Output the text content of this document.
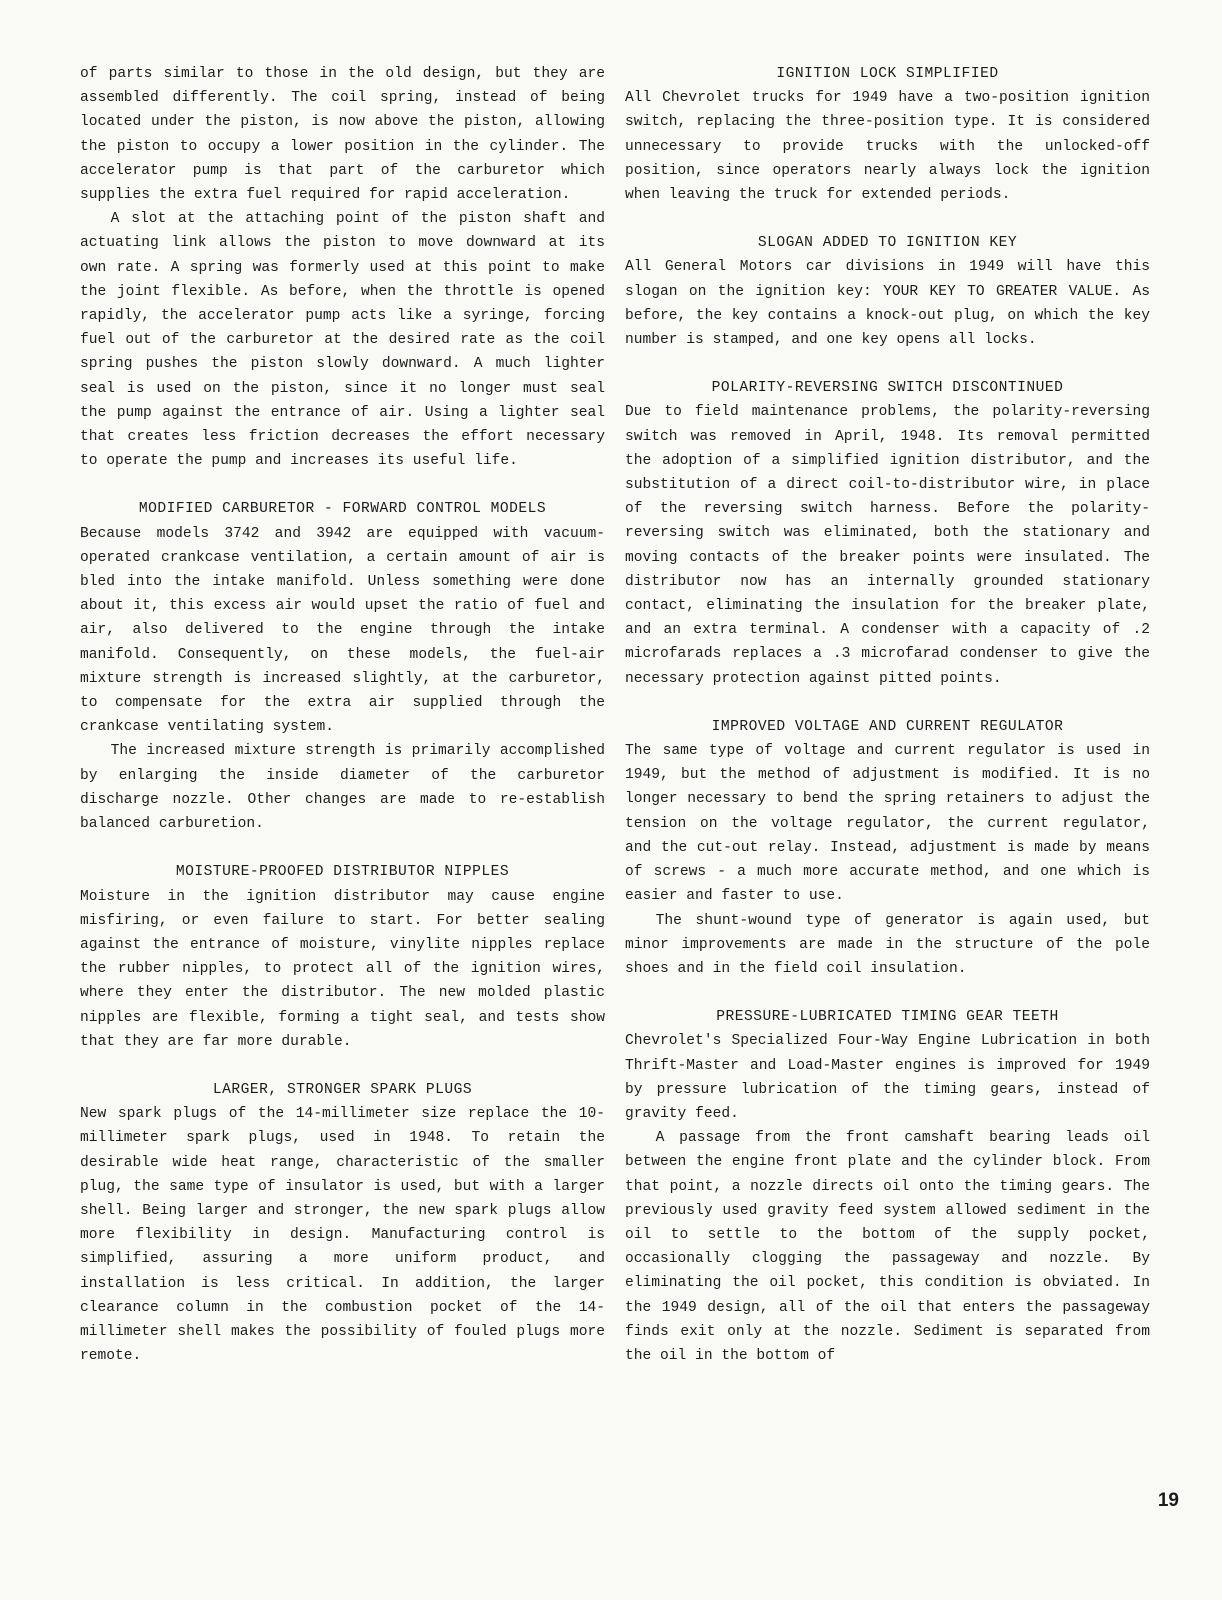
of parts similar to those in the old design, but they are assembled differently. The coil spring, instead of being located under the piston, is now above the piston, allowing the piston to occupy a lower position in the cylinder. The accelerator pump is that part of the carburetor which supplies the extra fuel required for rapid acceleration.

A slot at the attaching point of the piston shaft and actuating link allows the piston to move downward at its own rate. A spring was formerly used at this point to make the joint flexible. As before, when the throttle is opened rapidly, the accelerator pump acts like a syringe, forcing fuel out of the carburetor at the desired rate as the coil spring pushes the piston slowly downward. A much lighter seal is used on the piston, since it no longer must seal the pump against the entrance of air. Using a lighter seal that creates less friction decreases the effort necessary to operate the pump and increases its useful life.

MODIFIED CARBURETOR - FORWARD CONTROL MODELS

Because models 3742 and 3942 are equipped with vacuum-operated crankcase ventilation, a certain amount of air is bled into the intake manifold. Unless something were done about it, this excess air would upset the ratio of fuel and air, also delivered to the engine through the intake manifold. Consequently, on these models, the fuel-air mixture strength is increased slightly, at the carburetor, to compensate for the extra air supplied through the crankcase ventilating system.

The increased mixture strength is primarily accomplished by enlarging the inside diameter of the carburetor discharge nozzle. Other changes are made to re-establish balanced carburetion.

MOISTURE-PROOFED DISTRIBUTOR NIPPLES

Moisture in the ignition distributor may cause engine misfiring, or even failure to start. For better sealing against the entrance of moisture, vinylite nipples replace the rubber nipples, to protect all of the ignition wires, where they enter the distributor. The new molded plastic nipples are flexible, forming a tight seal, and tests show that they are far more durable.

LARGER, STRONGER SPARK PLUGS

New spark plugs of the 14-millimeter size replace the 10-millimeter spark plugs, used in 1948. To retain the desirable wide heat range, characteristic of the smaller plug, the same type of insulator is used, but with a larger shell. Being larger and stronger, the new spark plugs allow more flexibility in design. Manufacturing control is simplified, assuring a more uniform product, and installation is less critical. In addition, the larger clearance column in the combustion pocket of the 14-millimeter shell makes the possibility of fouled plugs more remote.

IGNITION LOCK SIMPLIFIED

All Chevrolet trucks for 1949 have a two-position ignition switch, replacing the three-position type. It is considered unnecessary to provide trucks with the unlocked-off position, since operators nearly always lock the ignition when leaving the truck for extended periods.

SLOGAN ADDED TO IGNITION KEY

All General Motors car divisions in 1949 will have this slogan on the ignition key: YOUR KEY TO GREATER VALUE. As before, the key contains a knock-out plug, on which the key number is stamped, and one key opens all locks.

POLARITY-REVERSING SWITCH DISCONTINUED

Due to field maintenance problems, the polarity-reversing switch was removed in April, 1948. Its removal permitted the adoption of a simplified ignition distributor, and the substitution of a direct coil-to-distributor wire, in place of the reversing switch harness. Before the polarity-reversing switch was eliminated, both the stationary and moving contacts of the breaker points were insulated. The distributor now has an internally grounded stationary contact, eliminating the insulation for the breaker plate, and an extra terminal. A condenser with a capacity of .2 microfarads replaces a .3 microfarad condenser to give the necessary protection against pitted points.

IMPROVED VOLTAGE AND CURRENT REGULATOR

The same type of voltage and current regulator is used in 1949, but the method of adjustment is modified. It is no longer necessary to bend the spring retainers to adjust the tension on the voltage regulator, the current regulator, and the cut-out relay. Instead, adjustment is made by means of screws - a much more accurate method, and one which is easier and faster to use.

The shunt-wound type of generator is again used, but minor improvements are made in the structure of the pole shoes and in the field coil insulation.

PRESSURE-LUBRICATED TIMING GEAR TEETH

Chevrolet's Specialized Four-Way Engine Lubrication in both Thrift-Master and Load-Master engines is improved for 1949 by pressure lubrication of the timing gears, instead of gravity feed.

A passage from the front camshaft bearing leads oil between the engine front plate and the cylinder block. From that point, a nozzle directs oil onto the timing gears. The previously used gravity feed system allowed sediment in the oil to settle to the bottom of the supply pocket, occasionally clogging the passageway and nozzle. By eliminating the oil pocket, this condition is obviated. In the 1949 design, all of the oil that enters the passageway finds exit only at the nozzle. Sediment is separated from the oil in the bottom of

19
